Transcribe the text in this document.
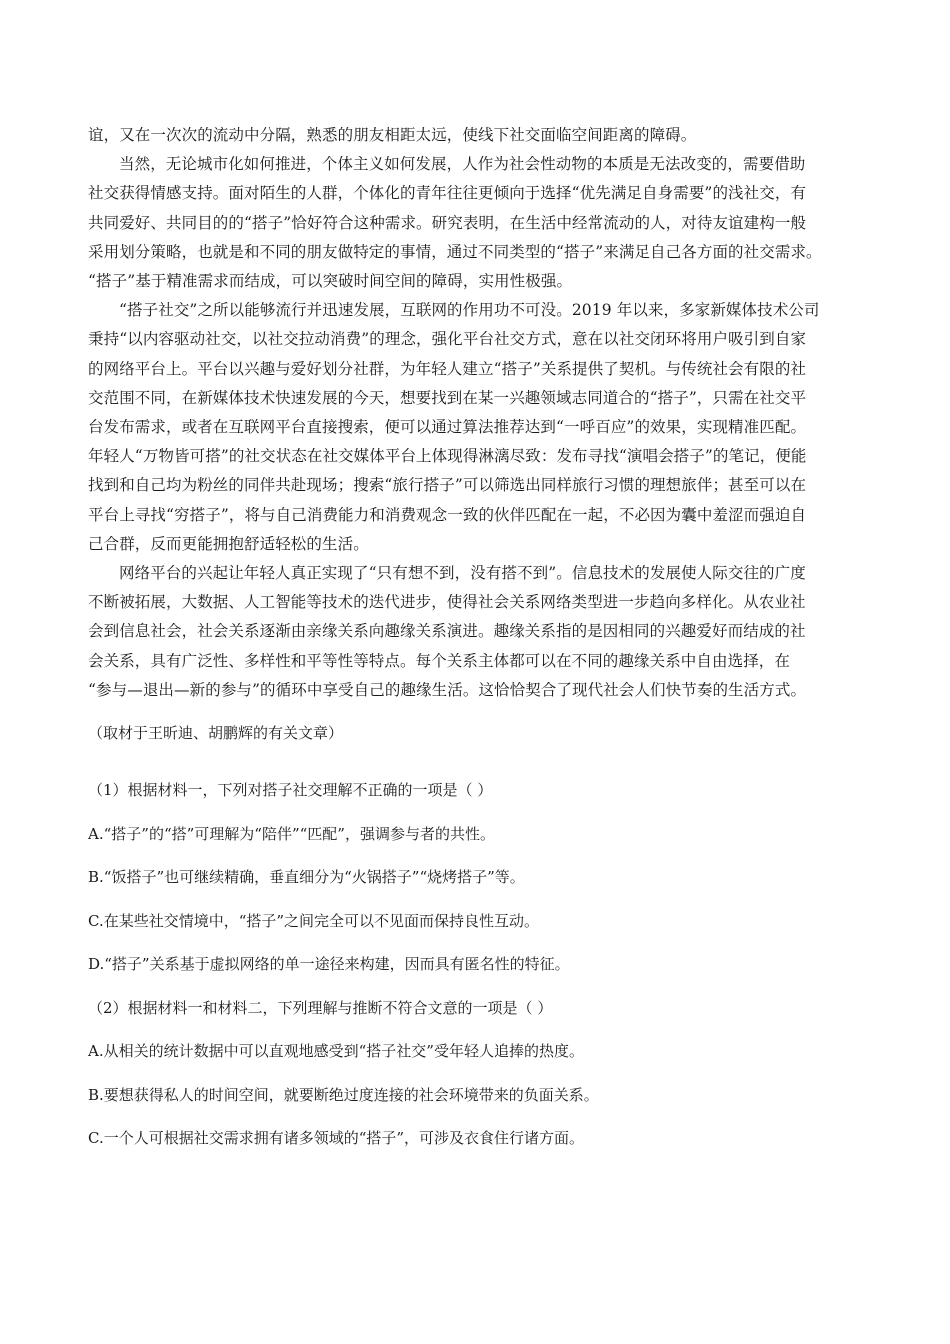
谊，又在一次次的流动中分隔，熟悉的朋友相距太远，使线下社交面临空间距离的障碍。

当然，无论城市化如何推进，个体主义如何发展，人作为社会性动物的本质是无法改变的，需要借助
社交获得情感支持。面对陌生的人群，个体化的青年往往更倾向于选择“优先满足自身需要”的浅社交，有
共同爱好、共同目的的“搭子”恰好符合这种需求。研究表明，在生活中经常流动的人，对待友谊建构一般
采用划分策略，也就是和不同的朋友做特定的事情，通过不同类型的“搭子”来满足自己各方面的社交需求。
“搭子”基于精准需求而结成，可以突破时间空间的障碍，实用性极强。

“搭子社交”之所以能够流行并迅速发展，互联网的作用功不可没。2019 年以来，多家新媒体技术公司
秉持“以内容驱动社交，以社交拉动消费”的理念，强化平台社交方式，意在以社交闭环将用户吸引到自家
的网络平台上。平台以兴趣与爱好划分社群，为年轻人建立“搭子”关系提供了契机。与传统社会有限的社
交范围不同，在新媒体技术快速发展的今天，想要找到在某一兴趣领域志同道合的“搭子”，只需在社交平
台发布需求，或者在互联网平台直接搜索，便可以通过算法推荐达到“一呼百应”的效果，实现精准匹配。
年轻人“万物皆可搭”的社交状态在社交媒体平台上体现得淋漓尽致：发布寻找“演唱会搭子”的笔记，便能
找到和自己均为粉丝的同伴共赴现场；搜索“旅行搭子”可以筛选出同样旅行习惯的理想旅伴；甚至可以在
平台上寻找“穷搭子”，将与自己消费能力和消费观念一致的伙伴匹配在一起，不必因为囊中羞涩而强迫自
己合群，反而更能拥抱舒适轻松的生活。

网络平台的兴起让年轻人真正实现了“只有想不到，没有搭不到”。信息技术的发展使人际交往的广度
不断被拓展，大数据、人工智能等技术的迭代进步，使得社会关系网络类型进一步趋向多样化。从农业社
会到信息社会，社会关系逐渐由亲缘关系向趣缘关系演进。趣缘关系指的是因相同的兴趣爱好而结成的社
会关系，具有广泛性、多样性和平等性等特点。每个关系主体都可以在不同的趣缘关系中自由选择，在
“参与—退出—新的参与”的循环中享受自己的趣缘生活。这恰恰契合了现代社会人们快节奏的生活方式。

（取材于王昕迪、胡鹏辉的有关文章）

（1）根据材料一，下列对搭子社交理解不正确的一项是（ ）

A.“搭子”的“搭”可理解为“陪伴”“匹配”，强调参与者的共性。

B.“饭搭子”也可继续精确，垂直细分为“火锅搭子”“烧烤搭子”等。

C.在某些社交情境中，“搭子”之间完全可以不见面而保持良性互动。

D.“搭子”关系基于虚拟网络的单一途径来构建，因而具有匿名性的特征。

（2）根据材料一和材料二，下列理解与推断不符合文意的一项是（ ）

A.从相关的统计数据中可以直观地感受到“搭子社交”受年轻人追捧的热度。

B.要想获得私人的时间空间，就要断绝过度连接的社会环境带来的负面关系。

C.一个人可根据社交需求拥有诸多领域的“搭子”，可涉及衣食住行诸方面。
